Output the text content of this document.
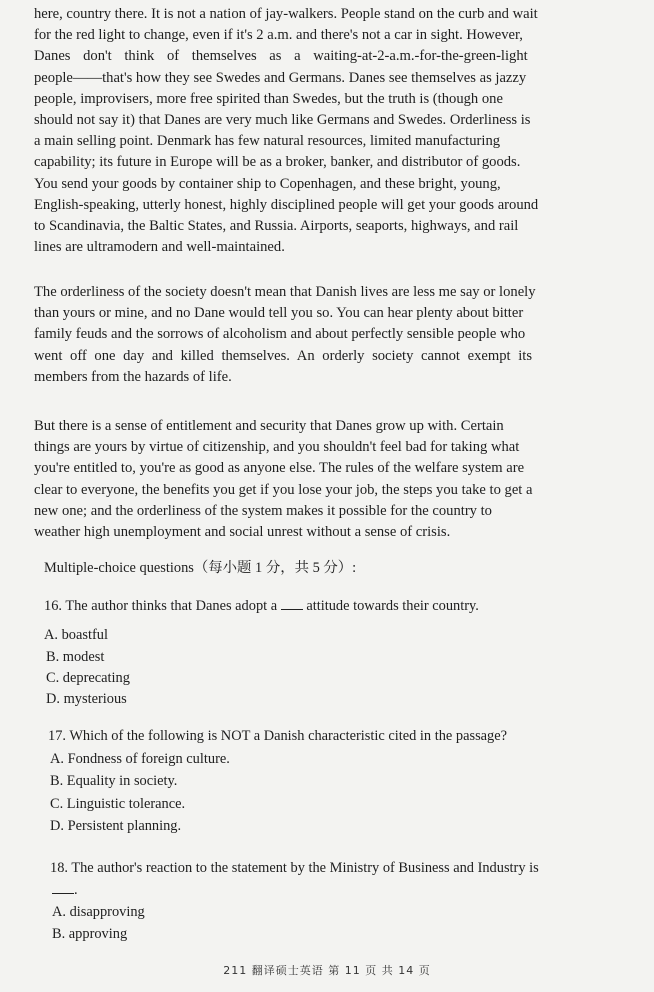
here, country there. It is not a nation of jay-walkers. People stand on the curb and wait
for the red light to change, even if it's 2 a.m. and there's not a car in sight. However,
Danes don't think of themselves as a waiting-at-2-a.m.-for-the-green-light
people——that's how they see Swedes and Germans. Danes see themselves as jazzy
people, improvisers, more free spirited than Swedes, but the truth is (though one
should not say it) that Danes are very much like Germans and Swedes. Orderliness is
a main selling point. Denmark has few natural resources, limited manufacturing
capability; its future in Europe will be as a broker, banker, and distributor of goods.
You send your goods by container ship to Copenhagen, and these bright, young,
English-speaking, utterly honest, highly disciplined people will get your goods around
to Scandinavia, the Baltic States, and Russia. Airports, seaports, highways, and rail
lines are ultramodern and well-maintained.
The orderliness of the society doesn't mean that Danish lives are less me say or lonely
than yours or mine, and no Dane would tell you so. You can hear plenty about bitter
family feuds and the sorrows of alcoholism and about perfectly sensible people who
went off one day and killed themselves. An orderly society cannot exempt its
members from the hazards of life.
But there is a sense of entitlement and security that Danes grow up with. Certain
things are yours by virtue of citizenship, and you shouldn't feel bad for taking what
you're entitled to, you're as good as anyone else. The rules of the welfare system are
clear to everyone, the benefits you get if you lose your job, the steps you take to get a
new one; and the orderliness of the system makes it possible for the country to
weather high unemployment and social unrest without a sense of crisis.
Multiple-choice questions（每小题 1 分，共 5 分）:
16. The author thinks that Danes adopt a  attitude towards their country.
A. boastful
B. modest
C. deprecating
D. mysterious
17. Which of the following is NOT a Danish characteristic cited in the passage?
A. Fondness of foreign culture.
B. Equality in society.
C. Linguistic tolerance.
D. Persistent planning.
18. The author's reaction to the statement by the Ministry of Business and Industry is
.
A. disapproving
B. approving
211 翻译硕士英语 第 11 页 共 14 页
